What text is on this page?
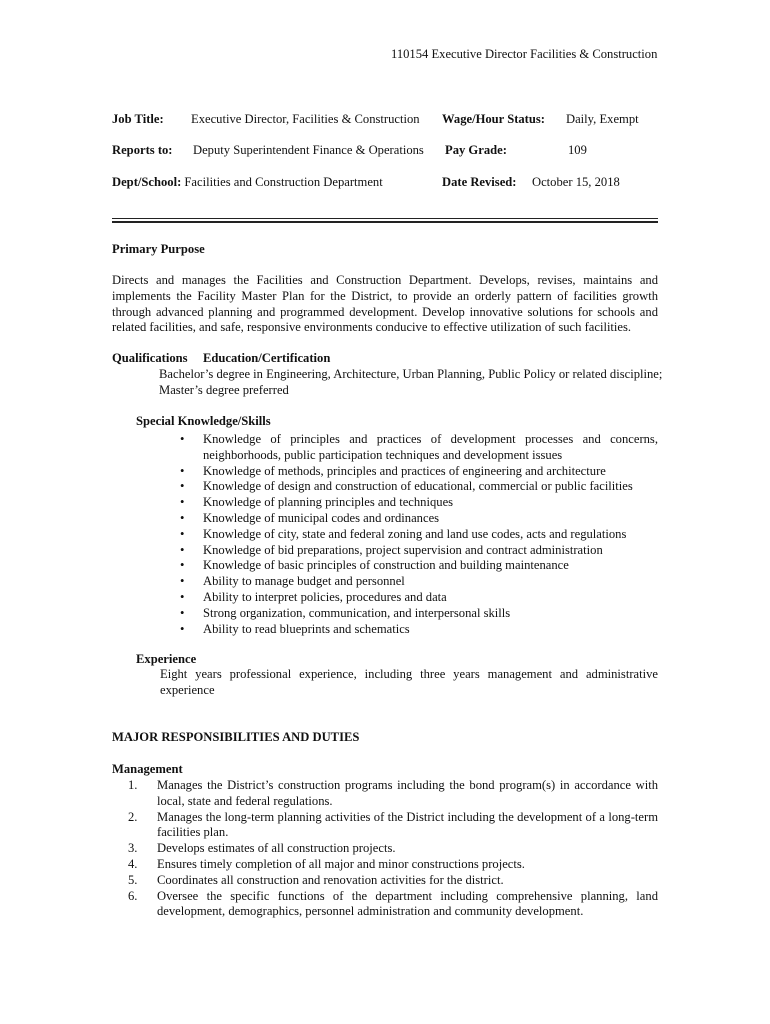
110154 Executive Director Facilities & Construction
Job Title: Executive Director, Facilities & Construction Wage/Hour Status: Daily, Exempt
Reports to: Deputy Superintendent Finance & Operations Pay Grade:	109
Dept/School: Facilities and Construction Department	Date Revised: October 15, 2018
Primary Purpose
Directs and manages the Facilities and Construction Department. Develops, revises, maintains and implements the Facility Master Plan for the District, to provide an orderly pattern of facilities growth through advanced planning and programmed development. Develop innovative solutions for schools and related facilities, and safe, responsive environments conducive to effective utilization of such facilities.
Qualifications Education/Certification
Bachelor’s degree in Engineering, Architecture, Urban Planning, Public Policy or related discipline;
Master’s degree preferred
Special Knowledge/Skills
• Knowledge of principles and practices of development processes and concerns, neighborhoods, public participation techniques and development issues
• Knowledge of methods, principles and practices of engineering and architecture
• Knowledge of design and construction of educational, commercial or public facilities
• Knowledge of planning principles and techniques
• Knowledge of municipal codes and ordinances
• Knowledge of city, state and federal zoning and land use codes, acts and regulations
• Knowledge of bid preparations, project supervision and contract administration
• Knowledge of basic principles of construction and building maintenance
• Ability to manage budget and personnel
• Ability to interpret policies, procedures and data
• Strong organization, communication, and interpersonal skills
• Ability to read blueprints and schematics
Experience
Eight years professional experience, including three years management and administrative experience
MAJOR RESPONSIBILITIES AND DUTIES
Management
1. Manages the District’s construction programs including the bond program(s) in accordance with local, state and federal regulations.
2. Manages the long-term planning activities of the District including the development of a long-term facilities plan.
3. Develops estimates of all construction projects.
4. Ensures timely completion of all major and minor constructions projects.
5. Coordinates all construction and renovation activities for the district.
6. Oversee the specific functions of the department including comprehensive planning, land development, demographics, personnel administration and community development.
